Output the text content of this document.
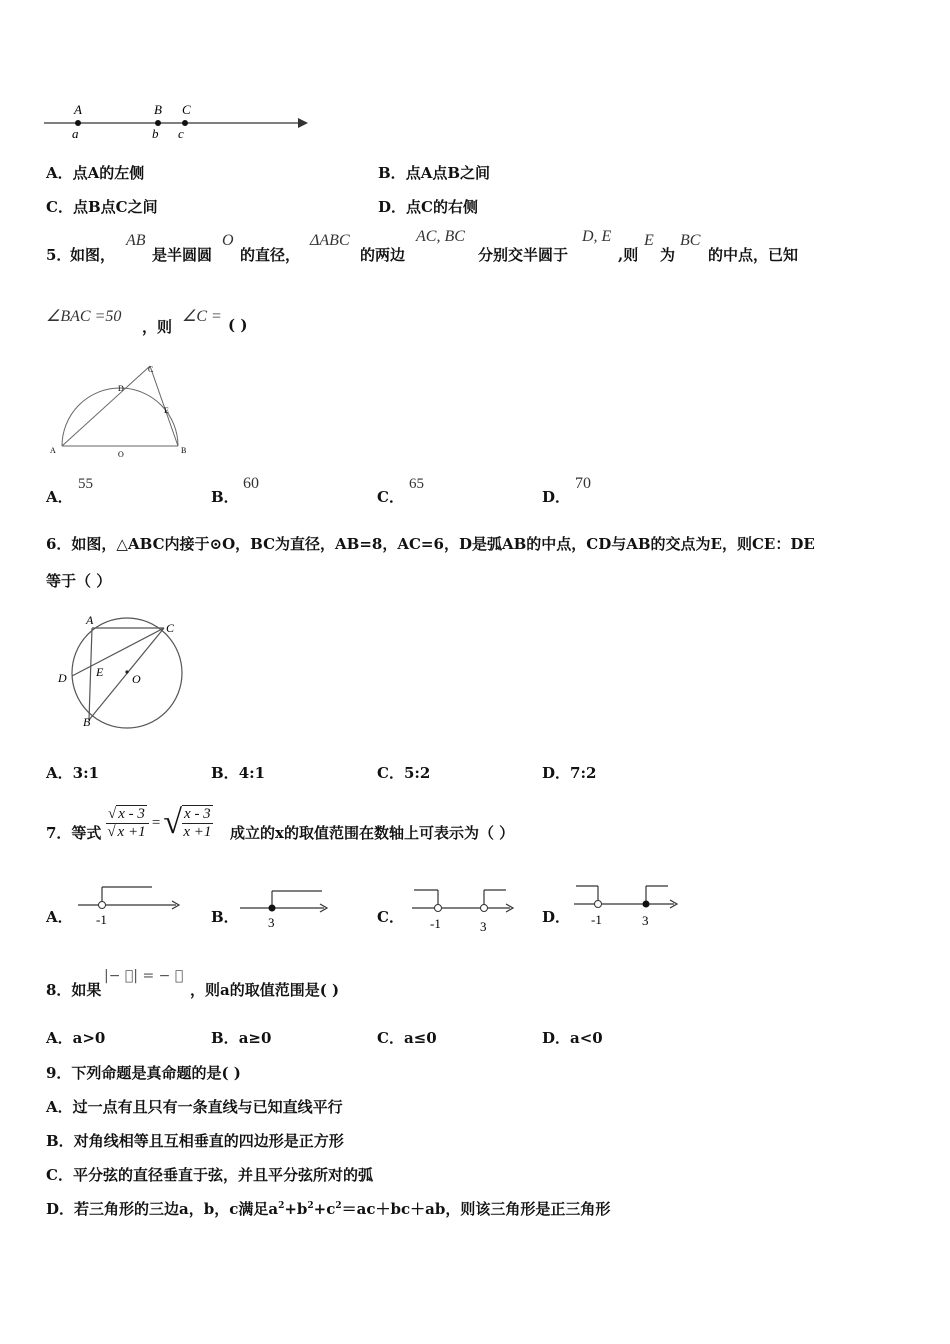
A	B C
a	b c
A．点A的左侧	B．点A点B之间
C．点B点C之间	D．点C的右侧
5．
如图，
AB
是半圆圆
O
的直径，
ΔABC
的两边
AC, BC
分别交半圆于
D, E
,则
E
为
BC
的中点，已知
∠BAC =50
，则
∠C = ( )
A	O	B
C
D
E
A．
55
B．
60
C．
65
D．
70
6．如图，△ABC内接于⊙O，BC为直径，AB=8，AC=6，D是弧AB的中点，CD与AB的交点为E，则CE：DE
等于（ ）
A
C
D E O
B
A．3:1	B．4:1	C．5:2	D．7:2
7．等式 $\frac{√ x - 3}{√ x +1}$ = √ $\frac{x - 3}{x +1}$ 成立的x的取值范围在数轴上可表示为（ ）
A． -1	B． 3	C． -1	3
D． -1	3
8．如果
|− ⃞| = − ⃞
，则a的取值范围是( )
A．a>0	B．a≥0	C．a≤0	D．a<0
9．下列命题是真命题的是( )
A．过一点有且只有一条直线与已知直线平行
B．对角线相等且互相垂直的四边形是正方形
C．平分弦的直径垂直于弦，并且平分弦所对的弧
D．若三角形的三边a，b，c满足$a^2+b^2+c^2=ac+bc+ab$，则该三角形是正三角形
